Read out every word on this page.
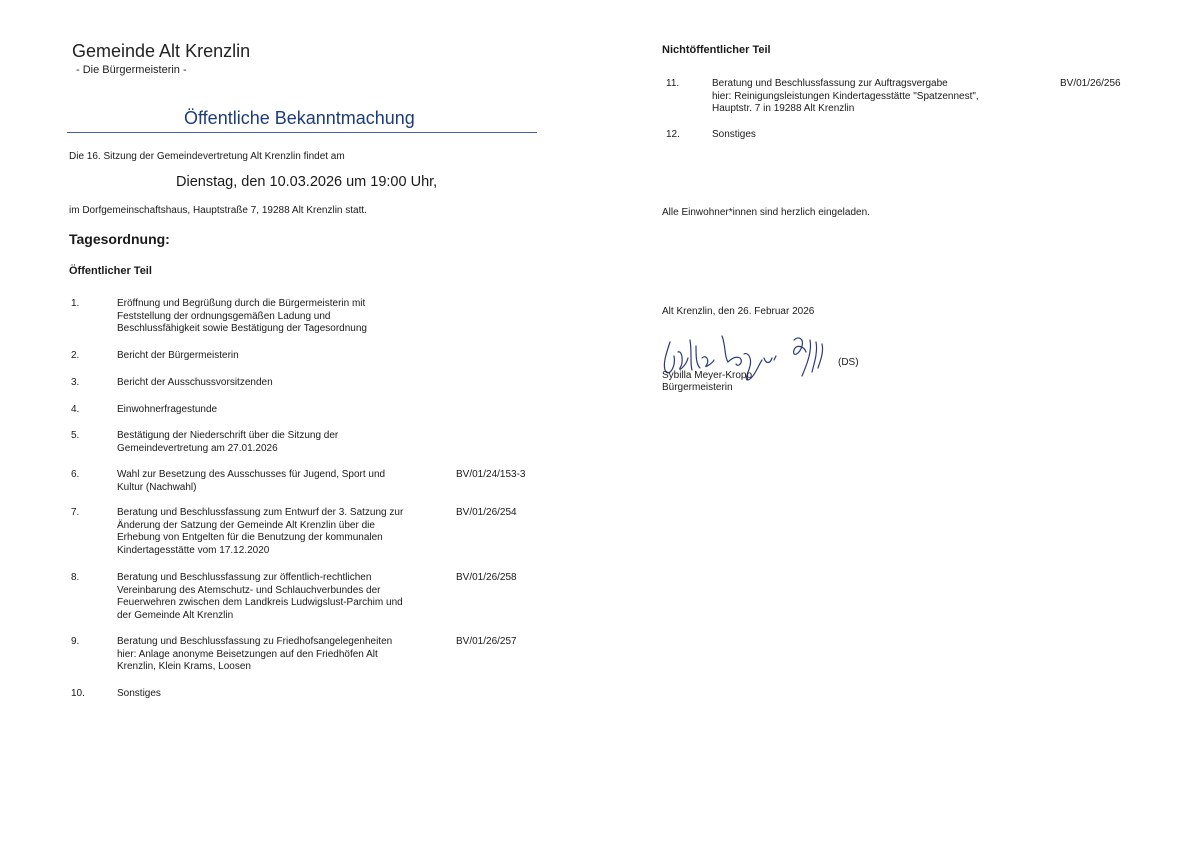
Gemeinde Alt Krenzlin
- Die Bürgermeisterin -
Öffentliche Bekanntmachung
Die 16. Sitzung der Gemeindevertretung Alt Krenzlin findet am
Dienstag, den 10.03.2026 um 19:00 Uhr,
im Dorfgemeinschaftshaus, Hauptstraße 7, 19288 Alt Krenzlin statt.
Tagesordnung:
Öffentlicher Teil
1.	Eröffnung und Begrüßung durch die Bürgermeisterin mit
Feststellung der ordnungsgemäßen Ladung und
Beschlussfähigkeit sowie Bestätigung der Tagesordnung
2.	Bericht der Bürgermeisterin
3.	Bericht der Ausschussvorsitzenden
4.	Einwohnerfragestunde
5.	Bestätigung der Niederschrift über die Sitzung der
Gemeindevertretung am 27.01.2026
6.	Wahl zur Besetzung des Ausschusses für Jugend, Sport und
Kultur (Nachwahl)
BV/01/24/153-3
7.	Beratung und Beschlussfassung zum Entwurf der 3. Satzung zur
Änderung der Satzung der Gemeinde Alt Krenzlin über die
Erhebung von Entgelten für die Benutzung der kommunalen
Kindertagesstätte vom 17.12.2020
BV/01/26/254
8.	Beratung und Beschlussfassung zur öffentlich-rechtlichen
Vereinbarung des Atemschutz- und Schlauchverbundes der
Feuerwehren zwischen dem Landkreis Ludwigslust-Parchim und
der Gemeinde Alt Krenzlin
BV/01/26/258
9.	Beratung und Beschlussfassung zu Friedhofsangelegenheiten
hier: Anlage anonyme Beisetzungen auf den Friedhöfen Alt
Krenzlin, Klein Krams, Loosen
BV/01/26/257
10.	Sonstiges
Nichtöffentlicher Teil
11.	Beratung und Beschlussfassung zur Auftragsvergabe
hier: Reinigungsleistungen Kindertagesstätte "Spatzennest",
Hauptstr. 7 in 19288 Alt Krenzlin
BV/01/26/256
12.	Sonstiges
Alle Einwohner*innen sind herzlich eingeladen.
Alt Krenzlin, den 26. Februar 2026
(DS)
Sybilla Meyer-Kropp
Bürgermeisterin
